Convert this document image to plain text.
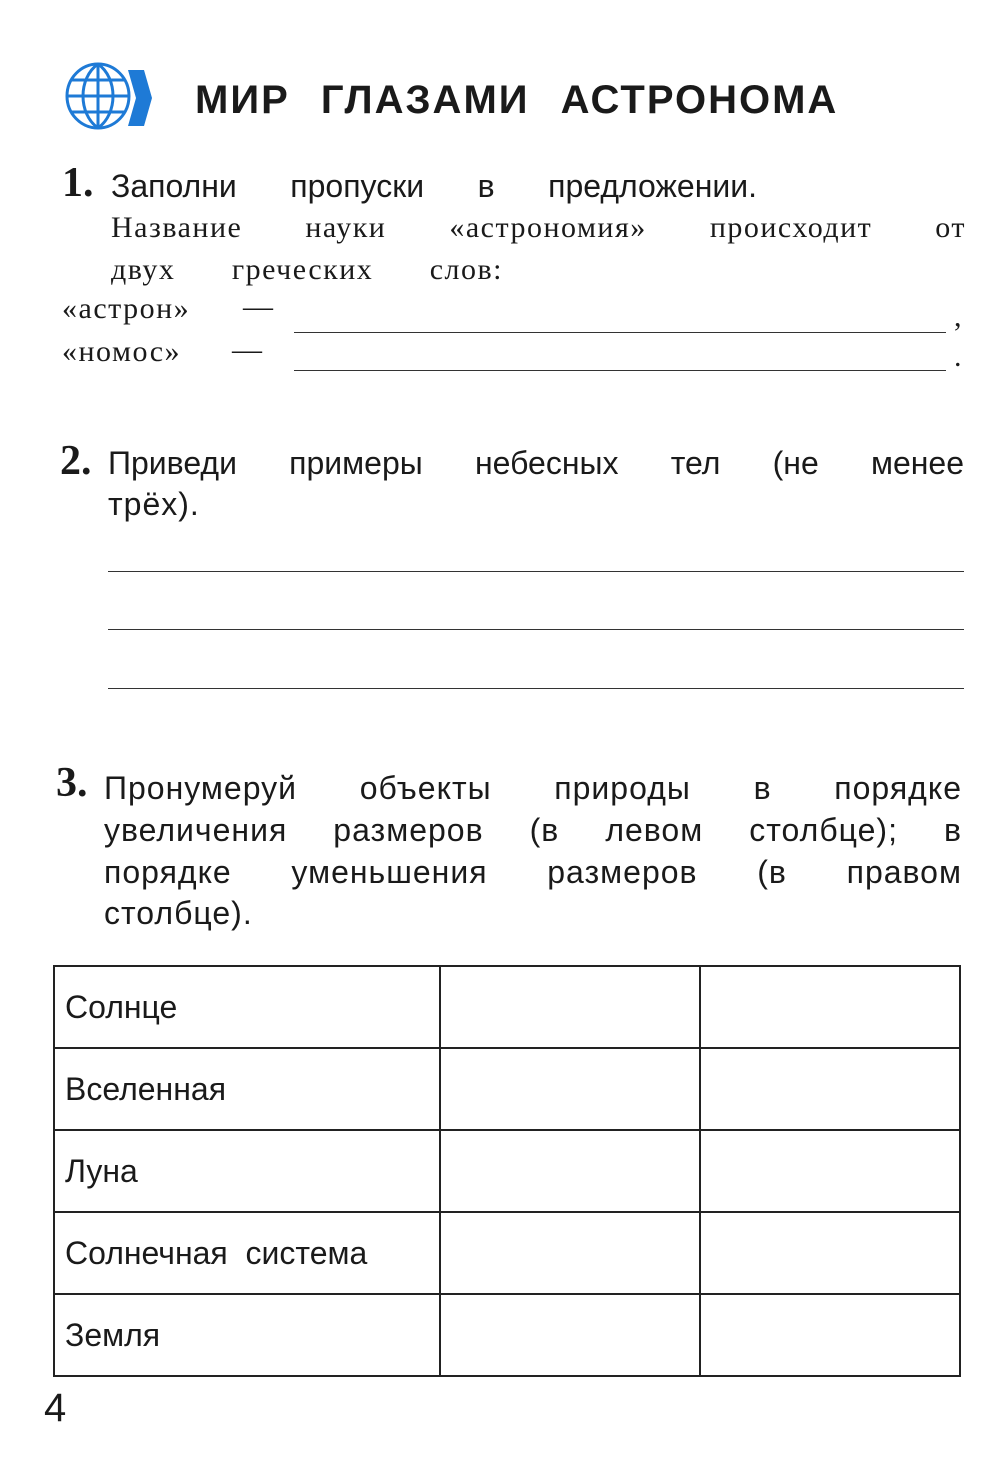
МИР ГЛАЗАМИ АСТРОНОМА
1. Заполни пропуски в предложении.
Название науки «астрономия» происходит от
двух греческих слов:
«астрон» —	,
«номос» —	.
2. Приведи примеры небесных тел (не менее
трёх).
3. Пронумеруй объекты природы в порядке
увеличения размеров (в левом столбце); в
порядке уменьшения размеров (в правом
столбце).
Солнце		
Вселенная		
Луна		
Солнечная  система		
Земля		
4
